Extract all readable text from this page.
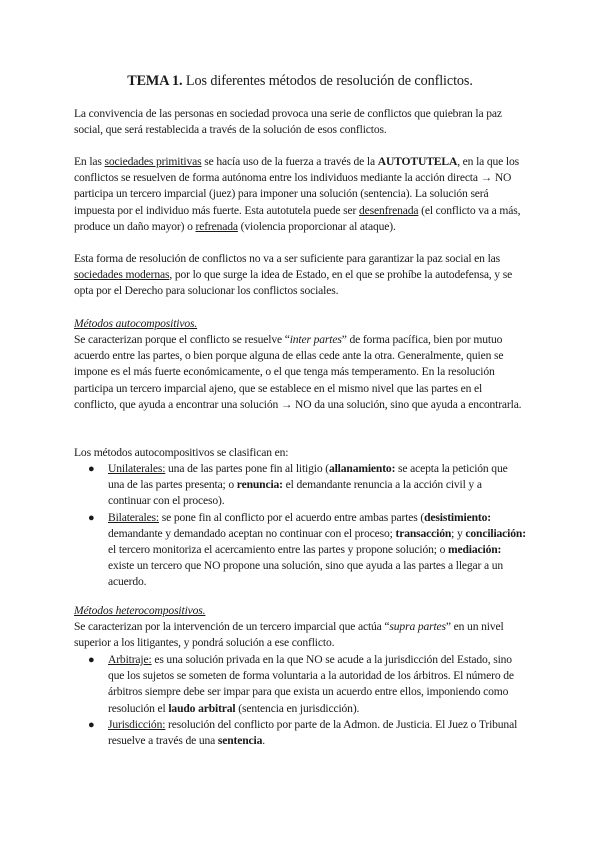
TEMA 1. Los diferentes métodos de resolución de conflictos.
La convivencia de las personas en sociedad provoca una serie de conflictos que quiebran la paz social, que será restablecida a través de la solución de esos conflictos.
En las sociedades primitivas se hacía uso de la fuerza a través de la AUTOTUTELA, en la que los conflictos se resuelven de forma autónoma entre los individuos mediante la acción directa → NO participa un tercero imparcial (juez) para imponer una solución (sentencia). La solución será impuesta por el individuo más fuerte. Esta autotutela puede ser desenfrenada (el conflicto va a más, produce un daño mayor) o refrenada (violencia proporcionar al ataque).
Esta forma de resolución de conflictos no va a ser suficiente para garantizar la paz social en las sociedades modernas, por lo que surge la idea de Estado, en el que se prohíbe la autodefensa, y se opta por el Derecho para solucionar los conflictos sociales.
Métodos autocompositivos.
Se caracterizan porque el conflicto se resuelve “inter partes” de forma pacífica, bien por mutuo acuerdo entre las partes, o bien porque alguna de ellas cede ante la otra. Generalmente, quien se impone es el más fuerte económicamente, o el que tenga más temperamento. En la resolución participa un tercero imparcial ajeno, que se establece en el mismo nivel que las partes en el conflicto, que ayuda a encontrar una solución → NO da una solución, sino que ayuda a encontrarla.
Los métodos autocompositivos se clasifican en:
● Unilaterales: una de las partes pone fin al litigio (allanamiento: se acepta la petición que una de las partes presenta; o renuncia: el demandante renuncia a la acción civil y a continuar con el proceso).
● Bilaterales: se pone fin al conflicto por el acuerdo entre ambas partes (desistimiento: demandante y demandado aceptan no continuar con el proceso; transacción; y conciliación: el tercero monitoriza el acercamiento entre las partes y propone solución; o mediación: existe un tercero que NO propone una solución, sino que ayuda a las partes a llegar a un acuerdo.
Métodos heterocompositivos.
Se caracterizan por la intervención de un tercero imparcial que actúa “supra partes” en un nivel superior a los litigantes, y pondrá solución a ese conflicto.
● Arbitraje: es una solución privada en la que NO se acude a la jurisdicción del Estado, sino que los sujetos se someten de forma voluntaria a la autoridad de los árbitros. El número de árbitros siempre debe ser impar para que exista un acuerdo entre ellos, imponiendo como resolución el laudo arbitral (sentencia en jurisdicción).
● Jurisdicción: resolución del conflicto por parte de la Admon. de Justicia. El Juez o Tribunal resuelve a través de una sentencia.
